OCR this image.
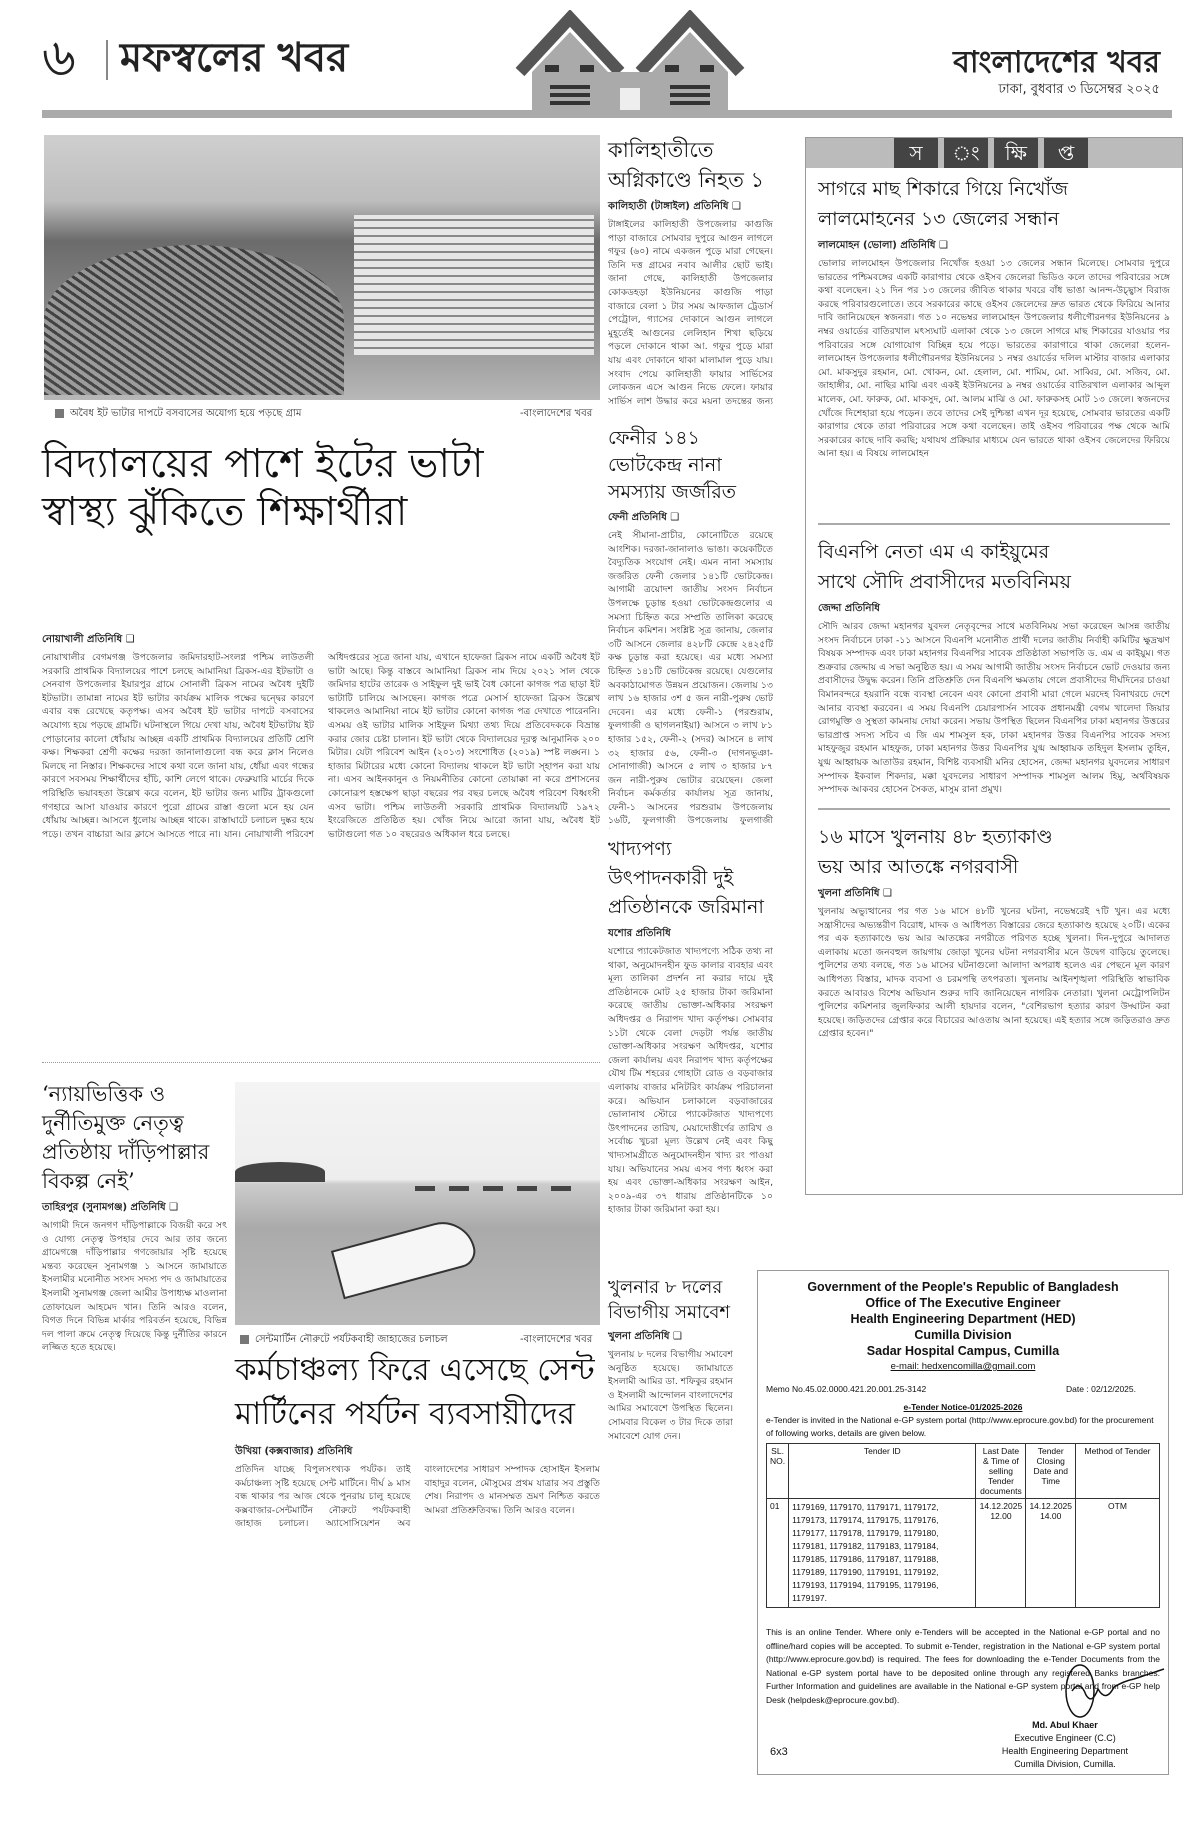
৬ মফস্বলের খবর	বাংলাদেশের খবর
ঢাকা, বুধবার ৩ ডিসেম্বর ২০২৫
অবৈধ ইট ভাটার দাপটে বসবাসের অযোগ্য হয়ে পড়ছে গ্রাম	-বাংলাদেশের খবর
বিদ্যালয়ের পাশে ইটের ভাটা
স্বাস্থ্য ঝুঁকিতে শিক্ষার্থীরা
নোয়াখালী প্রতিনিধি ❑
নোয়াখালীর বেগমগঞ্জ উপজেলার জমিদারহাট-সংলগ্ন পশ্চিম লাউতলী সরকারি প্রাথমিক বিদ্যালয়ের পাশে চলছে আমানিয়া ব্রিকস-এর ইটভাটা ও সেনবাগ উপজেলার ইয়ারপুর গ্রামে সোনালী ব্রিকস নামের অবৈধ দুইটি ইটভাটা। তামান্না নামের ইট ভাটার কার্যক্রম মালিক পক্ষের দ্বন্দ্বের কারণে এবার বন্ধ রেখেছে কতৃপক্ষ। এসব অবৈধ ইট ভাটার দাপটে বসবাসের অযোগ্য হয়ে পড়ছে গ্রামটি। ঘটনাস্থলে গিয়ে দেখা যায়, অবৈধ ইটভাটায় ইট পোড়ানোর কালো ধোঁয়ায় আচ্ছন্ন একটি প্রাথমিক বিদ্যালয়ের প্রতিটি শ্রেণি কক্ষ। শিক্ষকরা শ্রেণী কক্ষের দরজা জানালাগুলো বন্ধ করে ক্লাস নিলেও মিলছে না নিস্তার। শিক্ষকদের সাথে কথা বলে জানা যায়, ধোঁয়া এবং গন্ধের কারণে সবসময় শিক্ষার্থীদের হাঁচি, কাশি লেগে থাকে। ফেব্রুয়ারি মার্চের দিকে পরিস্থিতি ভয়াবহতা উল্লেখ করে বলেন, ইট ভাটার জন্য মাটির ট্রাকগুলো গণহারে আসা যাওয়ার কারণে পুরো গ্রামের রাস্তা গুলো মনে হয় যেন ধোঁয়ায় আচ্ছন্ন। আসলে ধুলোয় আচ্ছন্ন থাকে। রাস্তাঘাটে চলাচল দুষ্কর হয়ে পড়ে। তখন বাচ্চারা আর ক্লাসে আসতে পারে না। যান। নোয়াখালী পরিবেশ অধিদপ্তরের সূত্রে জানা যায়, এখানে হাফেজা ব্রিকস নামে একটি অবৈধ ইট ভাটা আছে। কিন্তু বাস্তবে আমানিয়া ব্রিকস নাম দিয়ে ২০২১ সাল থেকে জমিদার হাটের তারেক ও সাইফুল দুই ভাই বৈধ কোনো কাগজ পত্র ছাড়া ইট ভাটাটি চালিয়ে আসছেন। কাগজ পত্রে মেসার্স হাফেজা ব্রিকস উল্লেখ থাকলেও আমানিয়া নামে ইট ভাটার কোনো কাগজ পত্র দেখাতে পারেননি। এসময় ওই ভাটার মালিক সাইফুল মিথ্যা তথ্য দিয়ে প্রতিবেদককে বিভ্রান্ত করার জোর চেষ্টা চালান। ইট ভাটা থেকে বিদ্যালয়ের দূরত্ব আনুমানিক ২০০ মিটার। যেটা পরিবেশ আইন (২০১৩) সংশোধিত (২০১৯) স্পষ্ট লঙ্ঘন। ১ হাজার মিটারের মধ্যে কোনো বিদ্যালয় থাকলে ইট ভাটা স্হাপন করা যায় না। এসব আইনকানুন ও নিয়মনীতির কোনো তোয়াক্কা না করে প্রশাসনের কোনোরূপ হস্তক্ষেপ ছাড়া বছরের পর বছর চলছে অবৈধ পরিবেশ বিধ্বংসী এসব ভাটা। পশ্চিম লাউতলী সরকারি প্রাথমিক বিদ্যালয়টি ১৯৭২ ইংরেজিতে প্রতিষ্ঠিত হয়। খোঁজ নিয়ে আরো জানা যায়, অবৈধ ইট ভাটাগুলো গত ১০ বছরেরও অধিকাল ধরে চলছে।
‘ন্যায়ভিত্তিক ও দুর্নীতিমুক্ত নেতৃত্ব প্রতিষ্ঠায় দাঁড়িপাল্লার বিকল্প নেই’
তাহিরপুর (সুনামগঞ্জ) প্রতিনিধি ❑
আগামী দিনে জনগণ দাঁড়িপাল্লাকে বিজয়ী করে সৎ ও যোগ্য নেতৃত্ব উপহার দেবে আর তার জন্যে গ্রামেগঞ্জে দাঁড়িপাল্লার গণজোয়ার সৃষ্টি হয়েছে মন্তব্য করেছেন সুনামগঞ্জ ১ আসনে জামায়াতে ইসলামীর মনোনীত সংসদ সদস্য পদ ও জামায়াতের ইসলামী সুনামগঞ্জ জেলা আমীর উপাধ্যক্ষ মাওলানা তোফায়েল আহমেদ খান। তিনি আরও বলেন, বিগত দিনে বিভিন্ন মার্কার পরিবর্তন হয়েছে, বিভিন্ন দল পালা ক্রমে নেতৃত্ব দিয়েছে কিন্তু দুর্নীতির কারনে লজ্জিত হতে হয়েছে।
সেন্টমার্টিন নৌরুটে পর্যটকবাহী জাহাজের চলাচল	-বাংলাদেশের খবর
কর্মচাঞ্চল্য ফিরে এসেছে সেন্ট
মার্টিনের পর্যটন ব্যবসায়ীদের
উখিয়া (কক্সবাজার) প্রতিনিধি
প্রতিদিন যাচ্ছে বিপুলসংখ্যক পর্যটক। তাই কর্মচাঞ্চল্য সৃষ্টি হয়েছে সেন্ট মার্টিনে। দীর্ঘ ৯ মাস বন্ধ থাকার পর আজ থেকে পুনরায় চালু হয়েছে কক্সবাজার-সেন্টমার্টিন নৌরুটে পর্যটকবাহী জাহাজ চলাচল। অ্যাসোসিয়েশন অব বাংলাদেশের সাধারণ সম্পাদক হোসাইন ইসলাম বাহাদুর বলেন, মৌসুমের প্রথম যাত্রার সব প্রস্তুতি শেষ। নিরাপদ ও মানসম্মত ভ্রমণ নিশ্চিত করতে আমরা প্রতিশ্রুতিবদ্ধ। তিনি আরও বলেন।
কালিহাতীতে অগ্নিকাণ্ডে নিহত ১
কালিহাতী (টাঙ্গাইল) প্রতিনিধি ❑
টাঙ্গাইলের কালিহাতী উপজেলার কাগুজি পাড়া বাজারে সোমবার দুপুরে আগুন লাগলে গফুর (৬০) নামে একজন পুড়ে মারা গেছেন। তিনি দত্ত গ্রামের নবাব আলীর ছোট ভাই। জানা গেছে, কালিহাতী উপজেলার কোকডহড়া ইউনিয়নের কাগুজি পাড়া বাজারে বেলা ১ টার সময় আফজাল ট্রেডার্স পেট্রোল, গ্যাসের দোকানে আগুন লাগলে মুহূর্তেই আগুনের লেলিহান শিখা ছড়িয়ে পড়লে দোকানে থাকা আ. গফুর পুড়ে মারা যায় এবং দোকানে থাকা মালামাল পুড়ে যায়। সংবাদ পেয়ে কালিহাতী ফায়ার সার্ভিসের লোকজন এসে আগুন নিভে ফেলে। ফায়ার সার্ভিস লাশ উদ্ধার করে ময়না তদন্তের জন্য
ফেনীর ১৪১ ভোটকেন্দ্র নানা সমস্যায় জর্জরিত
ফেনী প্রতিনিধি ❑
নেই সীমানা-প্রাচীর, কোনোটিতে রয়েছে আংশিক। দরজা-জানালাও ভাঙা। কয়েকটিতে বৈদ্যুতিক সংযোগ নেই। এমন নানা সমস্যায় জর্জরিত ফেনী জেলার ১৪১টি ভোটকেন্দ্র। আগামী ত্রয়োদশ জাতীয় সংসদ নির্বাচন উপলক্ষে চূড়ান্ত হওয়া ভোটকেন্দ্রগুলোর এ সমস্যা চিহ্নিত করে সম্প্রতি তালিকা করেছে নির্বাচন কমিশন। সংশ্লিষ্ট সূত্র জানায়, জেলার ৩টি আসনে জেলার ৪২৮টি কেন্দ্রে ২৪২৫টি কক্ষ চূড়ান্ত করা হয়েছে। এর মধ্যে সমস্যা চিহ্নিত ১৪১টি ভোটকেন্দ্র রয়েছে। যেগুলোর অবকাঠামোগত উন্নয়ন প্রয়োজন। জেলায় ১৩ লাখ ১৬ হাজার ৩শ ৫ জন নারী-পুরুষ ভোট দেবেন। এর মধ্যে ফেনী-১ (পরশুরাম, ফুলগাজী ও ছাগলনাইয়া) আসনে ৩ লাখ ৮১ হাজার ১৫২, ফেনী-২ (সদর) আসনে ৪ লাখ ৩২ হাজার ৫৬, ফেনী-৩ (দাগনভূঞা-সোনাগাজী) আসনে ৫ লাখ ৩ হাজার ৮৭ জন নারী-পুরুষ ভোটার রয়েছেন। জেলা নির্বাচন কর্মকর্তার কার্যালয় সূত্র জানায়, ফেনী-১ আসনের পরশুরাম উপজেলায় ১৬টি, ফুলগাজী উপজেলায় ফুলগাজী
খাদ্যপণ্য উৎপাদনকারী দুই প্রতিষ্ঠানকে জরিমানা
যশোর প্রতিনিধি
যশোরে প্যাকেটজাত খাদ্যপণ্যে সঠিক তথ্য না থাকা, অনুমোদনহীন ফুড কালার ব্যবহার এবং মূল্য তালিকা প্রদর্শন না করার দায়ে দুই প্রতিষ্ঠানকে মোট ২৫ হাজার টাকা জরিমানা করেছে জাতীয় ভোক্তা-অধিকার সংরক্ষণ অধিদপ্তর ও নিরাপদ খাদ্য কর্তৃপক্ষ। সোমবার ১১টা থেকে বেলা দেড়টা পর্যন্ত জাতীয় ভোক্তা-অধিকার সংরক্ষণ অধিদপ্তর, যশোর জেলা কার্যালয় এবং নিরাপদ খাদ্য কর্তৃপক্ষের যৌথ টিম শহরের গোহাটা রোড ও বড়বাজার এলাকায় বাজার মনিটরিং কার্যক্রম পরিচালনা করে। অভিযান চলাকালে বড়বাজারের ভোলানাথ স্টোরে প্যাকেটজাত খাদ্যপণ্যে উৎপাদনের তারিখ, মেয়াদোত্তীর্ণের তারিখ ও সর্বোচ্চ খুচরা মূল্য উল্লেখ নেই এবং কিছু খাদ্যসামগ্রীতে অনুমোদনহীন খাদ্য রং পাওয়া যায়। অভিযানের সময় এসব পণ্য ধ্বংস করা হয় এবং ভোক্তা-অধিকার সংরক্ষণ আইন, ২০০৯-এর ৩৭ ধারায় প্রতিষ্ঠানটিকে ১০ হাজার টাকা জরিমানা করা হয়।
খুলনার ৮ দলের বিভাগীয় সমাবেশ
খুলনা প্রতিনিধি ❑
খুলনায় ৮ দলের বিভাগীয় সমাবেশ অনুষ্ঠিত হয়েছে। জামায়াতে ইসলামী আমির ডা. শফিকুর রহমান ও ইসলামী আন্দোলন বাংলাদেশের আমির সমাবেশে উপস্থিত ছিলেন। সোমবার বিকেল ৩ টার দিকে তারা সমাবেশে যোগ দেন।
স	ং	ক্ষি	প্ত
সাগরে মাছ শিকারে গিয়ে নিখোঁজ
লালমোহনের ১৩ জেলের সন্ধান
লালমোহন (ভোলা) প্রতিনিধি ❑
ভোলার লালমোহন উপজেলার নিখোঁজ হওয়া ১৩ জেলের সন্ধান মিলেছে। সোমবার দুপুরে ভারতের পশ্চিমবঙ্গের একটি কারাগার থেকে ওইসব জেলেরা ভিডিও কলে তাদের পরিবারের সঙ্গে কথা বলেছেন। ২১ দিন পর ১৩ জেলের জীবিত থাকার খবরে বাঁধ ভাঙা আনন্দ-উচ্ছ্বাস বিরাজ করছে পরিবারগুলোতে। তবে সরকারের কাছে ওইসব জেলেদের দ্রুত ভারত থেকে ফিরিয়ে আনার দাবি জানিয়েছেন স্বজনরা। গত ১০ নভেম্বর লালমোহন উপজেলার ধলীগৌরনগর ইউনিয়নের ৯ নম্বর ওয়ার্ডের বাতিরখাল মৎস্যঘাট এলাকা থেকে ১৩ জেলে সাগরে মাছ শিকারের যাওয়ার পর পরিবারের সঙ্গে যোগাযোগ বিচ্ছিন্ন হয়ে পড়ে। ভারতের কারাগারে থাকা জেলেরা হলেন- লালমোহন উপজেলার ধলীগৌরনগর ইউনিয়নের ১ নম্বর ওয়ার্ডের দলিল মাস্টার বাজার এলাকার মো. মাকসুদুর রহমান, মো. খোকন, মো. হেলাল, মো. শামিম, মো. সাব্বির, মো. সজিব, মো. জাহাঙ্গীর, মো. নাছির মাঝি এবং একই ইউনিয়নের ৯ নম্বর ওয়ার্ডের বাতিরখাল এলাকার আব্দুল মালেক, মো. ফারুক, মো. মাকসুদ, মো. আলম মাঝি ও মো. ফারুকসহ মোট ১৩ জেলে। স্বজনদের খোঁজে দিশেহারা হয়ে পড়েন। তবে তাদের সেই দুশ্চিন্তা এখন দূর হয়েছে, সোমবার ভারতের একটি কারাগার থেকে তারা পরিবারের সঙ্গে কথা বলেছেন। তাই ওইসব পরিবারের পক্ষ থেকে আমি সরকারের কাছে দাবি করছি; যথাযথ প্রক্রিয়ার মাধ্যমে যেন ভারতে থাকা ওইসব জেলেদের ফিরিয়ে আনা হয়। এ বিষয়ে লালমোহন
বিএনপি নেতা এম এ কাইয়ুমের
সাথে সৌদি প্রবাসীদের মতবিনিময়
জেদ্দা প্রতিনিধি
সৌদি আরব জেদ্দা মহানগর যুবদল নেতৃবৃন্দের সাথে মতবিনিময় সভা করেছেন আসন্ন জাতীয় সংসদ নির্বাচনে ঢাকা -১১ আসনে বিএনপি মনোনীত প্রার্থী দলের জাতীয় নির্বাহী কমিটির ক্ষুদ্রঋণ বিষয়ক সম্পাদক এবং ঢাকা মহানগর বিএনপির সাবেক প্রতিষ্ঠাতা সভাপতি ড. এম এ কাইয়ুম। গত শুক্রবার জেদ্দায় এ সভা অনুষ্ঠিত হয়। এ সময় আগামী জাতীয় সংসদ নির্বাচনে ভোট দেওয়ার জন্য প্রবাসীদের উদ্বুদ্ধ করেন। তিনি প্রতিশ্রুতি দেন বিএনপি ক্ষমতায় গেলে প্রবাসীদের দীর্ঘদিনের চাওয়া বিমানবন্দরে হয়রানি বন্ধে ব্যবস্থা নেবেন এবং কোনো প্রবাসী মারা গেলে মরদেহ বিনাখরচে দেশে আনার ব্যবস্থা করবেন। এ সময় বিএনপি চেয়ারপার্সন সাবেক প্রধানমন্ত্রী বেগম খালেদা জিয়ার রোগমুক্তি ও সুস্থতা কামনায় দোয়া করেন। সভায় উপস্থিত ছিলেন বিএনপির ঢাকা মহানগর উত্তরের ভারপ্রাপ্ত সদস্য সচিব এ জি এম শামসুল হক, ঢাকা মহানগর উত্তর বিএনপির সাবেক সদস্য মাহফুজুর রহমান মাহফুজ, ঢাকা মহানগর উত্তর বিএনপির যুগ্ম আহ্বায়ক তহিদুল ইসলাম তুহিন, যুগ্ম আহ্বায়ক আতাউর রহমান, বিশিষ্ট ব্যবসায়ী মনির হোসেন, জেদ্দা মহানগর যুবদলের সাধারণ সম্পাদক ইকবাল শিকদার, মক্কা যুবদলের সাধারণ সম্পাদক শামসুল আলম হিমু, অর্থবিষয়ক সম্পাদক আকবর হোসেন সৈকত, মাসুম রানা প্রমুখ।
১৬ মাসে খুলনায় ৪৮ হত্যাকাণ্ড
ভয় আর আতঙ্কে নগরবাসী
খুলনা প্রতিনিধি ❑
খুলনায় অভ্যুত্থানের পর গত ১৬ মাসে ৪৮টি খুনের ঘটনা, নভেম্বরেই ৭টি খুন। এর মধ্যে সন্ত্রাসীদের অভ্যন্তরীণ বিরোধ, মাদক ও আধিপত্য বিস্তারের জেরে হত্যাকাণ্ড হয়েছে ২০টি। একের পর এক হত্যাকাণ্ডে ভয় আর আতঙ্কের নগরীতে পরিণত হচ্ছে খুলনা। দিন-দুপুরে আদালত এলাকায় মতো জনবহুল জায়গায় জোড়া খুনের ঘটনা নগরবাসীর মনে উদ্বেগ বাড়িয়ে তুলেছে। পুলিশের তথ্য বলছে, গত ১৬ মাসের ঘটনাগুলো আলাদা অপরাধ হলেও এর পেছনে মূল কারণ আধিপত্য বিস্তার, মাদক ব্যবসা ও চরমপন্থি তৎপরতা। খুলনায় আইনশৃঙ্খলা পরিস্থিতি স্বাভাবিক করতে আবারও বিশেষ অভিযান শুরুর দাবি জানিয়েছেন নাগরিক নেতারা। খুলনা মেট্রোপলিটন পুলিশের কমিশনার জুলফিকার আলী হায়দার বলেন, "বেশিরভাগ হত্যার কারণ উদ্ঘাটন করা হয়েছে। জড়িতদের গ্রেপ্তার করে বিচারের আওতায় আনা হয়েছে। এই হত্যার সঙ্গে জড়িতরাও দ্রুত গ্রেপ্তার হবেন।"
Government of the People's Republic of Bangladesh
Office of The Executive Engineer
Health Engineering Department (HED)
Cumilla Division
Sadar Hospital Campus, Cumilla
e-mail: hedxencomilla@gmail.com
Memo No.45.02.0000.421.20.001.25-3142	Date : 02/12/2025.
e-Tender Notice-01/2025-2026
e-Tender is invited in the National e-GP system portal (http://www.eprocure.gov.bd) for the procurement of following works, details are given below.
SL. NO.	Tender ID	Last Date & Time of selling Tender documents	Tender Closing Date and Time	Method of Tender
01	1179169, 1179170, 1179171, 1179172, 1179173, 1179174, 1179175, 1179176, 1179177, 1179178, 1179179, 1179180, 1179181, 1179182, 1179183, 1179184, 1179185, 1179186, 1179187, 1179188, 1179189, 1179190, 1179191, 1179192, 1179193, 1179194, 1179195, 1179196, 1179197.	14.12.2025 12.00	14.12.2025 14.00	OTM
This is an online Tender. Where only e-Tenders will be accepted in the National e-GP portal and no offline/hard copies will be accepted. To submit e-Tender, registration in the National e-GP system portal (http://www.eprocure.gov.bd) is required. The fees for downloading the e-Tender Documents from the National e-GP system portal have to be deposited online through any registered Banks branches. Further Information and guidelines are available in the National e-GP system portal and from e-GP help Desk (helpdesk@eprocure.gov.bd).
Md. Abul Khaer
Executive Engineer (C.C)
Health Engineering Department
Cumilla Division, Cumilla.
6x3
